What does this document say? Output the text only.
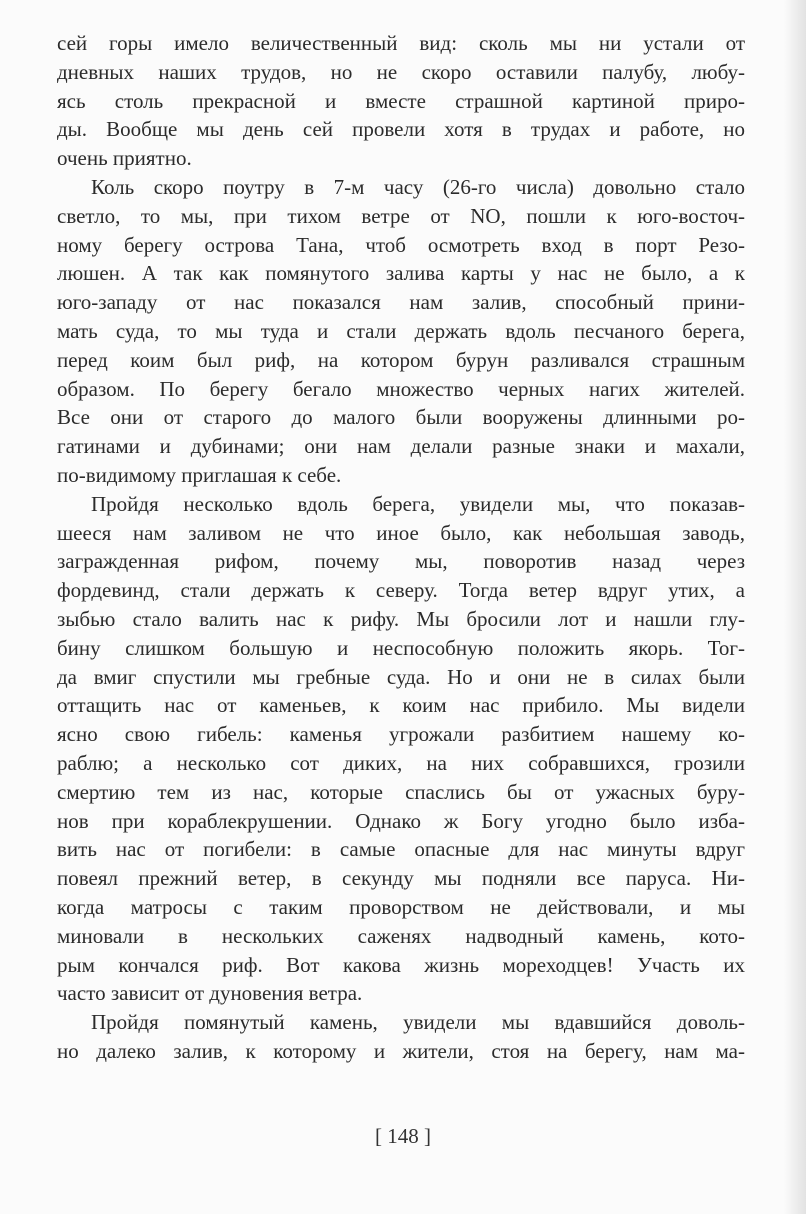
сей горы имело величественный вид: сколь мы ни устали от
дневных наших трудов, но не скоро оставили палубу, любу-
ясь столь прекрасной и вместе страшной картиной приро-
ды. Вообще мы день сей провели хотя в трудах и работе, но
очень приятно.
Коль скоро поутру в 7-м часу (26-го числа) довольно стало
светло, то мы, при тихом ветре от NO, пошли к юго-восточ-
ному берегу острова Тана, чтоб осмотреть вход в порт Резо-
люшен. А так как помянутого залива карты у нас не было, а к
юго-западу от нас показался нам залив, способный прини-
мать суда, то мы туда и стали держать вдоль песчаного берега,
перед коим был риф, на котором бурун разливался страшным
образом. По берегу бегало множество черных нагих жителей.
Все они от старого до малого были вооружены длинными ро-
гатинами и дубинами; они нам делали разные знаки и махали,
по-видимому приглашая к себе.
Пройдя несколько вдоль берега, увидели мы, что показав-
шееся нам заливом не что иное было, как небольшая заводь,
загражденная рифом, почему мы, поворотив назад через
фордевинд, стали держать к северу. Тогда ветер вдруг утих, а
зыбью стало валить нас к рифу. Мы бросили лот и нашли глу-
бину слишком большую и неспособную положить якорь. Тог-
да вмиг спустили мы гребные суда. Но и они не в силах были
оттащить нас от каменьев, к коим нас прибило. Мы видели
ясно свою гибель: каменья угрожали разбитием нашему ко-
раблю; а несколько сот диких, на них собравшихся, грозили
смертию тем из нас, которые спаслись бы от ужасных буру-
нов при кораблекрушении. Однако ж Богу угодно было изба-
вить нас от погибели: в самые опасные для нас минуты вдруг
повеял прежний ветер, в секунду мы подняли все паруса. Ни-
когда матросы с таким проворством не действовали, и мы
миновали в нескольких саженях надводный камень, кото-
рым кончался риф. Вот какова жизнь мореходцев! Участь их
часто зависит от дуновения ветра.
Пройдя помянутый камень, увидели мы вдавшийся доволь-
но далеко залив, к которому и жители, стоя на берегу, нам ма-
[ 148 ]
